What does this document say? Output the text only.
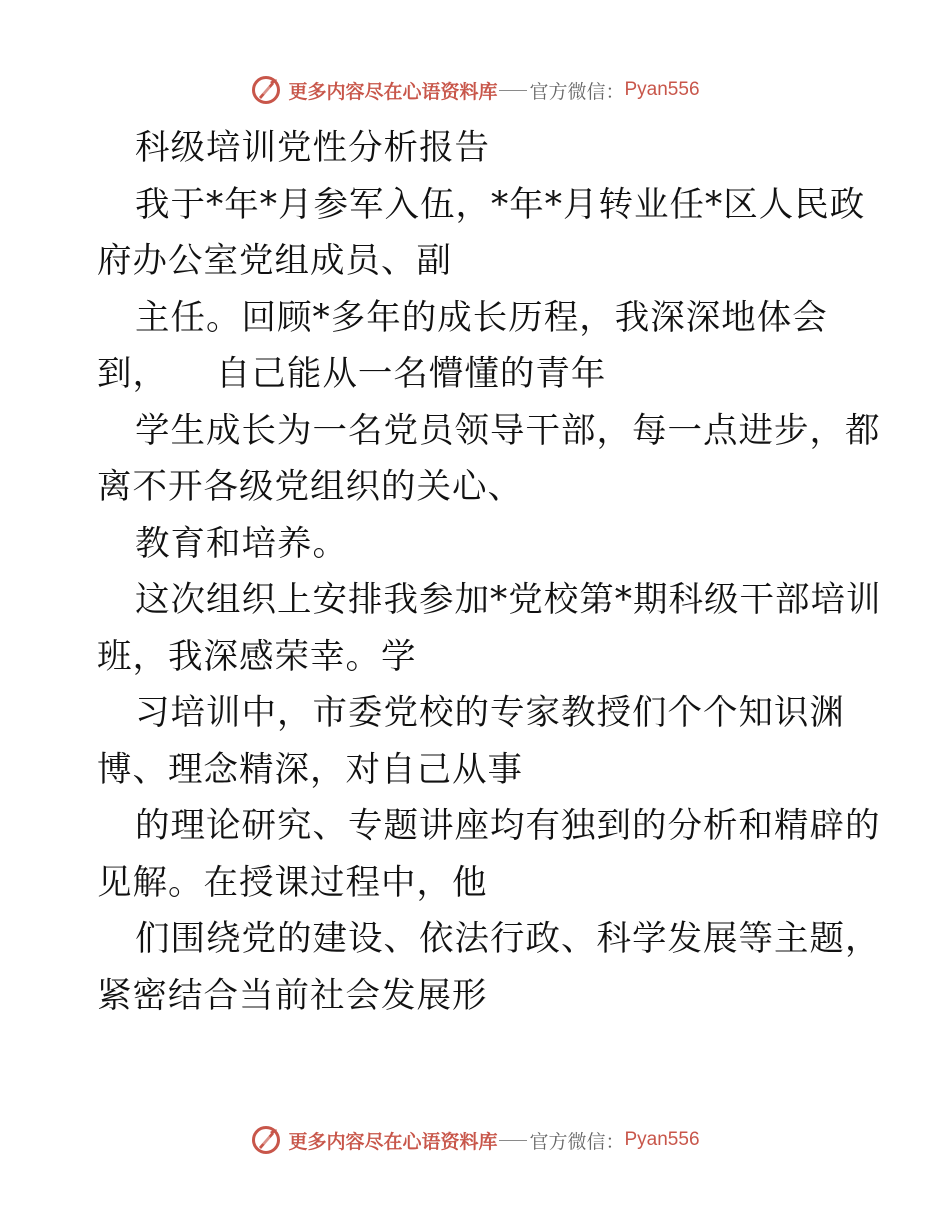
更多内容尽在心语资料库 官方微信： Pyan556
科级培训党性分析报告
我于*年*月参军入伍，*年*月转业任*区人民政
府办公室党组成员、副
主任。回顾*多年的成长历程，我深深地体会
到，    自己能从一名懵懂的青年
学生成长为一名党员领导干部，每一点进步，都
离不开各级党组织的关心、
教育和培养。
这次组织上安排我参加*党校第*期科级干部培训
班，我深感荣幸。学
习培训中，市委党校的专家教授们个个知识渊
博、理念精深，对自己从事
的理论研究、专题讲座均有独到的分析和精辟的
见解。在授课过程中，他
们围绕党的建设、依法行政、科学发展等主题，
紧密结合当前社会发展形
更多内容尽在心语资料库 官方微信： Pyan556
